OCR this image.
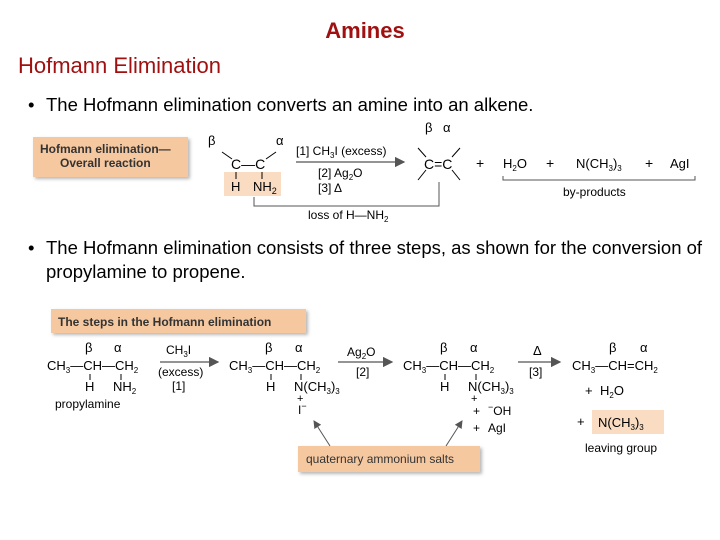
Amines
Hofmann Elimination
• The Hofmann elimination converts an amine into an alkene.
• The Hofmann elimination consists of three steps, as shown for the conversion of propylamine to propene.
Hofmann elimination—
Overall reaction
β	α
C—C
H $NH_2$
[1] $CH_3I$ (excess)
[2] $Ag_2O$
[3] Δ
β α
$C=C + H_2O + N(CH_3)_3$ + AgI
by-products
loss of $H—NH_2$
The steps in the Hofmann elimination
β α
$CH_3—CH—CH_2$
H $NH_2$
propylamine
$CH_3I$
(excess)
[1]
β α
$CH_3—CH—CH_2$
H $N(CH_3)_3$
+
I−
$Ag_2O$
[2]
β α
$CH_3—CH—CH_2$
H $N(CH_3)_3$
+
+ −OH
+ AgI
Δ
[3]
β α
$CH_3—CH=CH_2$
+ $H_2O$
+ $N(CH_3)_3$
leaving group
quaternary ammonium salts
